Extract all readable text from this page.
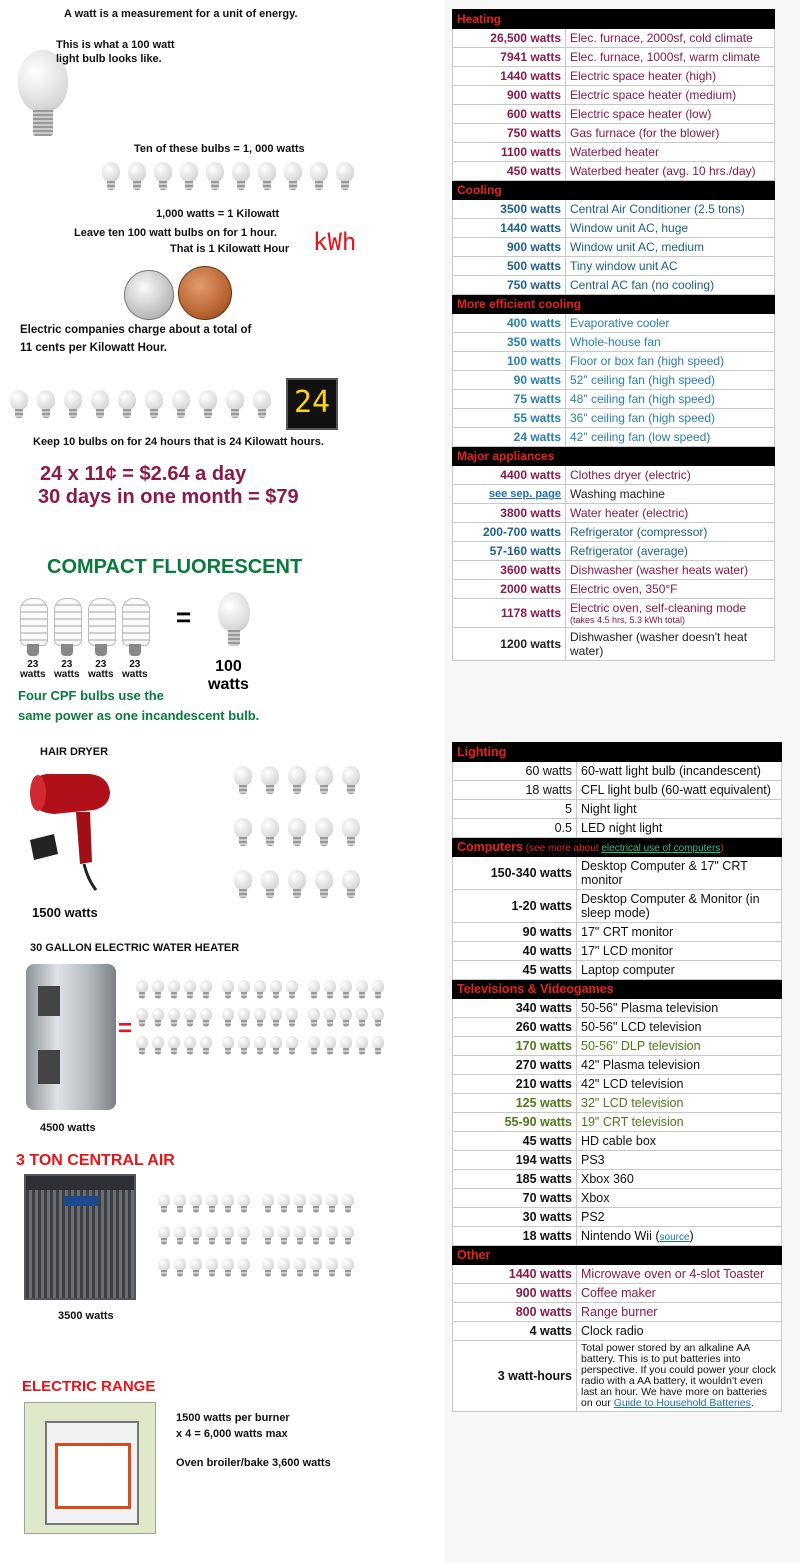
A watt is a measurement for a unit of energy.
This is what a 100 watt
light bulb looks like.
Ten of these bulbs = 1, 000 watts
1,000 watts = 1 Kilowatt
Leave ten 100 watt bulbs on for 1 hour.
That is 1 Kilowatt Hour kWh
Electric companies charge about a total of
11 cents per Kilowatt Hour.
24
Keep 10 bulbs on for 24 hours that is 24 Kilowatt hours.
24 x 11¢ = $2.64 a day
30 days in one month = $79
COMPACT FLUORESCENT
23
watts
23
watts
23
watts
23
watts
=
100
watts
Four CPF bulbs use the
same power as one incandescent bulb.
HAIR DRYER
1500 watts
30 GALLON ELECTRIC WATER HEATER
=
4500 watts
3 TON CENTRAL AIR
3500 watts
ELECTRIC RANGE
1500 watts per burner
x 4 = 6,000 watts max
Oven broiler/bake 3,600 watts
Heating	
26,500 watts	Elec. furnace, 2000sf, cold climate
7941 watts	Elec. furnace, 1000sf, warm climate
1440 watts	Electric space heater (high)
900 watts	Electric space heater (medium)
600 watts	Electric space heater (low)
750 watts	Gas furnace (for the blower)
1100 watts	Waterbed heater
450 watts	Waterbed heater (avg. 10 hrs./day)
Cooling	
3500 watts	Central Air Conditioner (2.5 tons)
1440 watts	Window unit AC, huge
900 watts	Window unit AC, medium
500 watts	Tiny window unit AC
750 watts	Central AC fan (no cooling)
More efficient cooling	
400 watts	Evaporative cooler
350 watts	Whole-house fan
100 watts	Floor or box fan (high speed)
90 watts	52" ceiling fan (high speed)
75 watts	48" ceiling fan (high speed)
55 watts	36" ceiling fan (high speed)
24 watts	42" ceiling fan (low speed)
Major appliances	
4400 watts	Clothes dryer (electric)
see sep. page	Washing machine
3800 watts	Water heater (electric)
200-700 watts	Refrigerator (compressor)
57-160 watts	Refrigerator (average)
3600 watts	Dishwasher (washer heats water)
2000 watts	Electric oven, 350°F
1178 watts	Electric oven, self-cleaning mode
(takes 4.5 hrs, 5.3 kWh total)

1200 watts	Dishwasher (washer doesn't heat water)
Lighting	
60 watts	60-watt light bulb (incandescent)
18 watts	CFL light bulb (60-watt equivalent)
5	Night light
0.5	LED night light
Computers (see more about electrical use of computers)	
150-340 watts	Desktop Computer & 17" CRT monitor
1-20 watts	Desktop Computer & Monitor (in sleep mode)
90 watts	17" CRT monitor
40 watts	17" LCD monitor
45 watts	Laptop computer
Televisions & Videogames	
340 watts	50-56" Plasma television
260 watts	50-56" LCD television
170 watts	50-56" DLP television
270 watts	42" Plasma television
210 watts	42" LCD television
125 watts	32" LCD television
55-90 watts	19" CRT television
45 watts	HD cable box
194 watts	PS3
185 watts	Xbox 360
70 watts	Xbox
30 watts	PS2
18 watts	Nintendo Wii (source)
Other	
1440 watts	Microwave oven or 4-slot Toaster
900 watts	Coffee maker
800 watts	Range burner
4 watts	Clock radio
3 watt-hours	Total power stored by an alkaline AA battery. This is to put batteries into perspective. If you could power your clock radio with a AA battery, it wouldn't even last an hour. We have more on batteries on our Guide to Household Batteries.
